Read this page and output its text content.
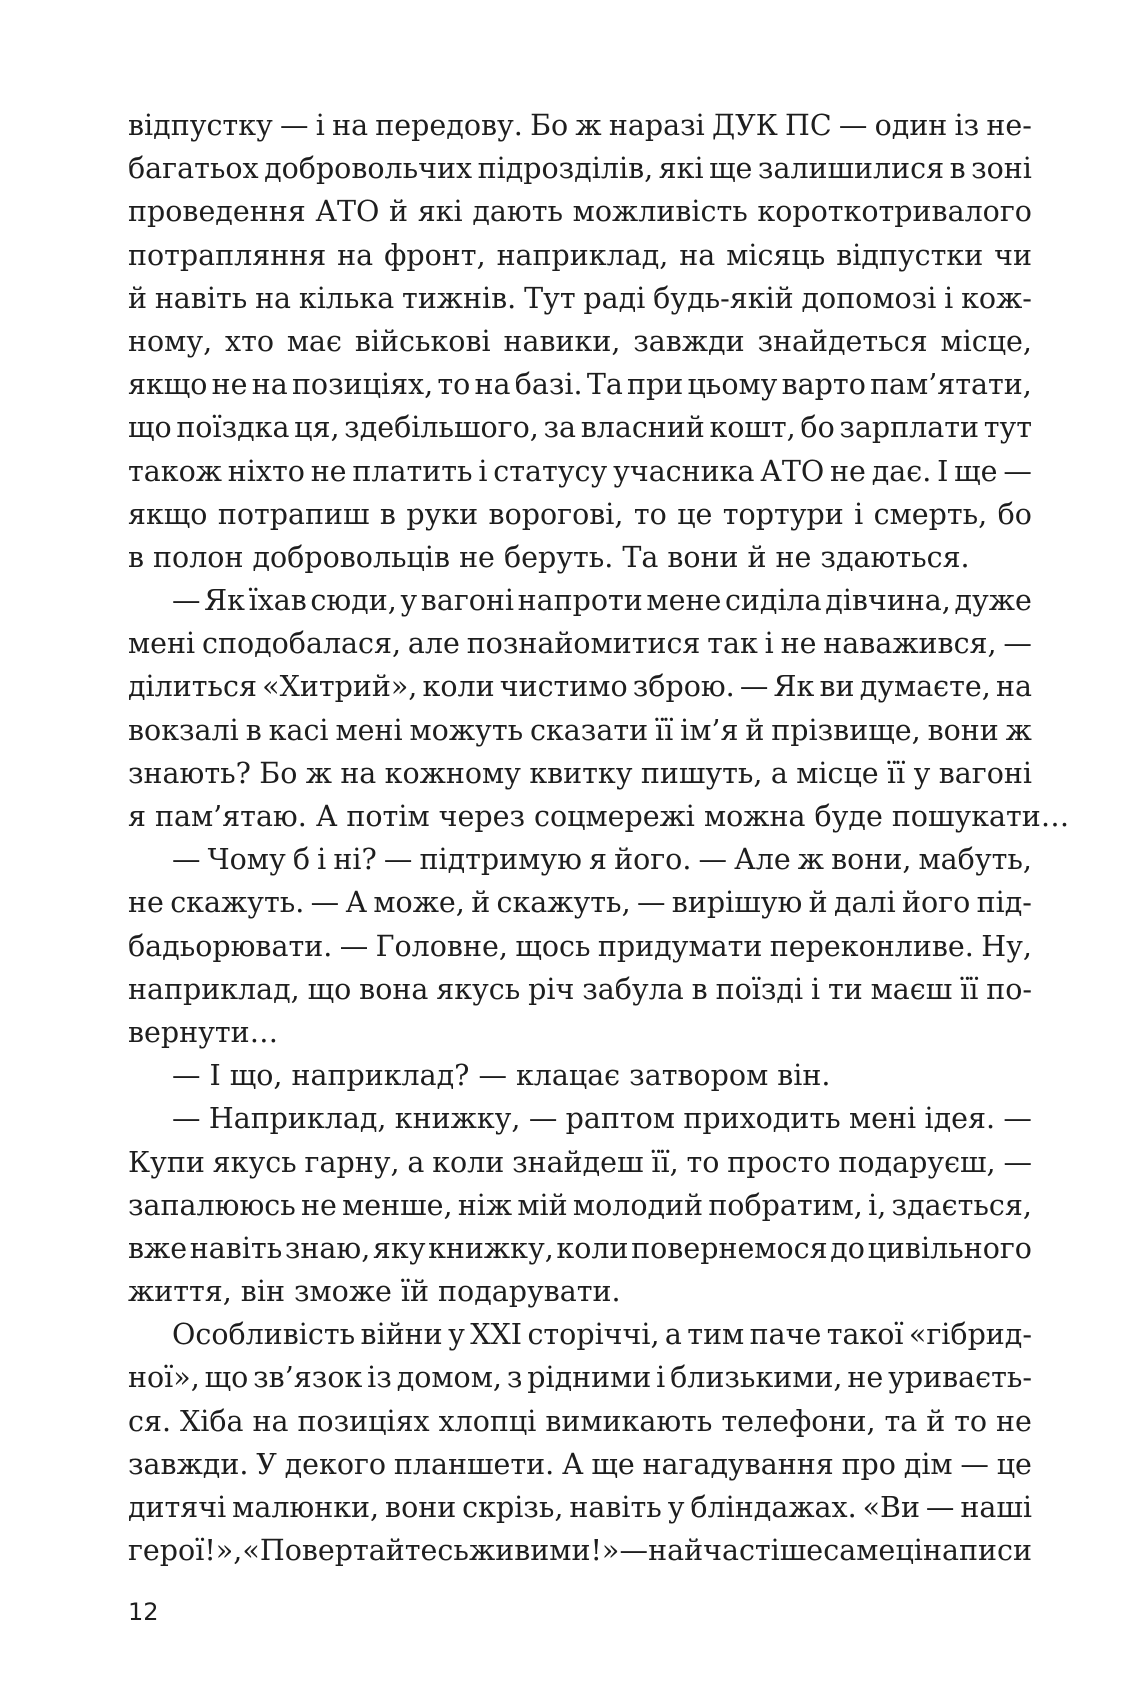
відпустку — і на передову. Бо ж наразі ДУК ПС — один із не-
багатьох добровольчих підрозділів, які ще залишилися в зоні
проведення АТО й які дають можливість короткотривалого
потрапляння на фронт, наприклад, на місяць відпустки чи
й навіть на кілька тижнів. Тут раді будь-якій допомозі і кож-
ному, хто має військові навики, завжди знайдеться місце,
якщо не на позиціях, то на базі. Та при цьому варто пам’ятати,
що поїздка ця, здебільшого, за власний кошт, бо зарплати тут
також ніхто не платить і статусу учасника АТО не дає. І ще —
якщо потрапиш в руки ворогові, то це тортури і смерть, бо
в полон добровольців не беруть. Та вони й не здаються.
— Як їхав сюди, у вагоні напроти мене сиділа дівчина, дуже
мені сподобалася, але познайомитися так і не наважився, —
ділиться «Хитрий», коли чистимо зброю. — Як ви думаєте, на
вокзалі в касі мені можуть сказати її ім’я й прізвище, вони ж
знають? Бо ж на кожному квитку пишуть, а місце її у вагоні
я пам’ятаю. А потім через соцмережі можна буде пошукати…
— Чому б і ні? — підтримую я його. — Але ж вони, мабуть,
не скажуть. — А може, й скажуть, — вирішую й далі його під-
бадьорювати. — Головне, щось придумати переконливе. Ну,
наприклад, що вона якусь річ забула в поїзді і ти маєш її по-
вернути…
— І що, наприклад? — клацає затвором він.
— Наприклад, книжку, — раптом приходить мені ідея. —
Купи якусь гарну, а коли знайдеш її, то просто подаруєш, —
запалююсь не менше, ніж мій молодий побратим, і, здається,
вже навіть знаю, яку книжку, коли повернемося до цивільного
життя, він зможе їй подарувати.
Особливість війни у ХХІ сторіччі, а тим паче такої «гібрид-
ної», що зв’язок із домом, з рідними і близькими, не уриваєть-
ся. Хіба на позиціях хлопці вимикають телефони, та й то не
завжди. У декого планшети. А ще нагадування про дім — це
дитячі малюнки, вони скрізь, навіть у бліндажах. «Ви — наші
герої!», «Повертайтесь живими!» — найчастіше саме ці написи
12
